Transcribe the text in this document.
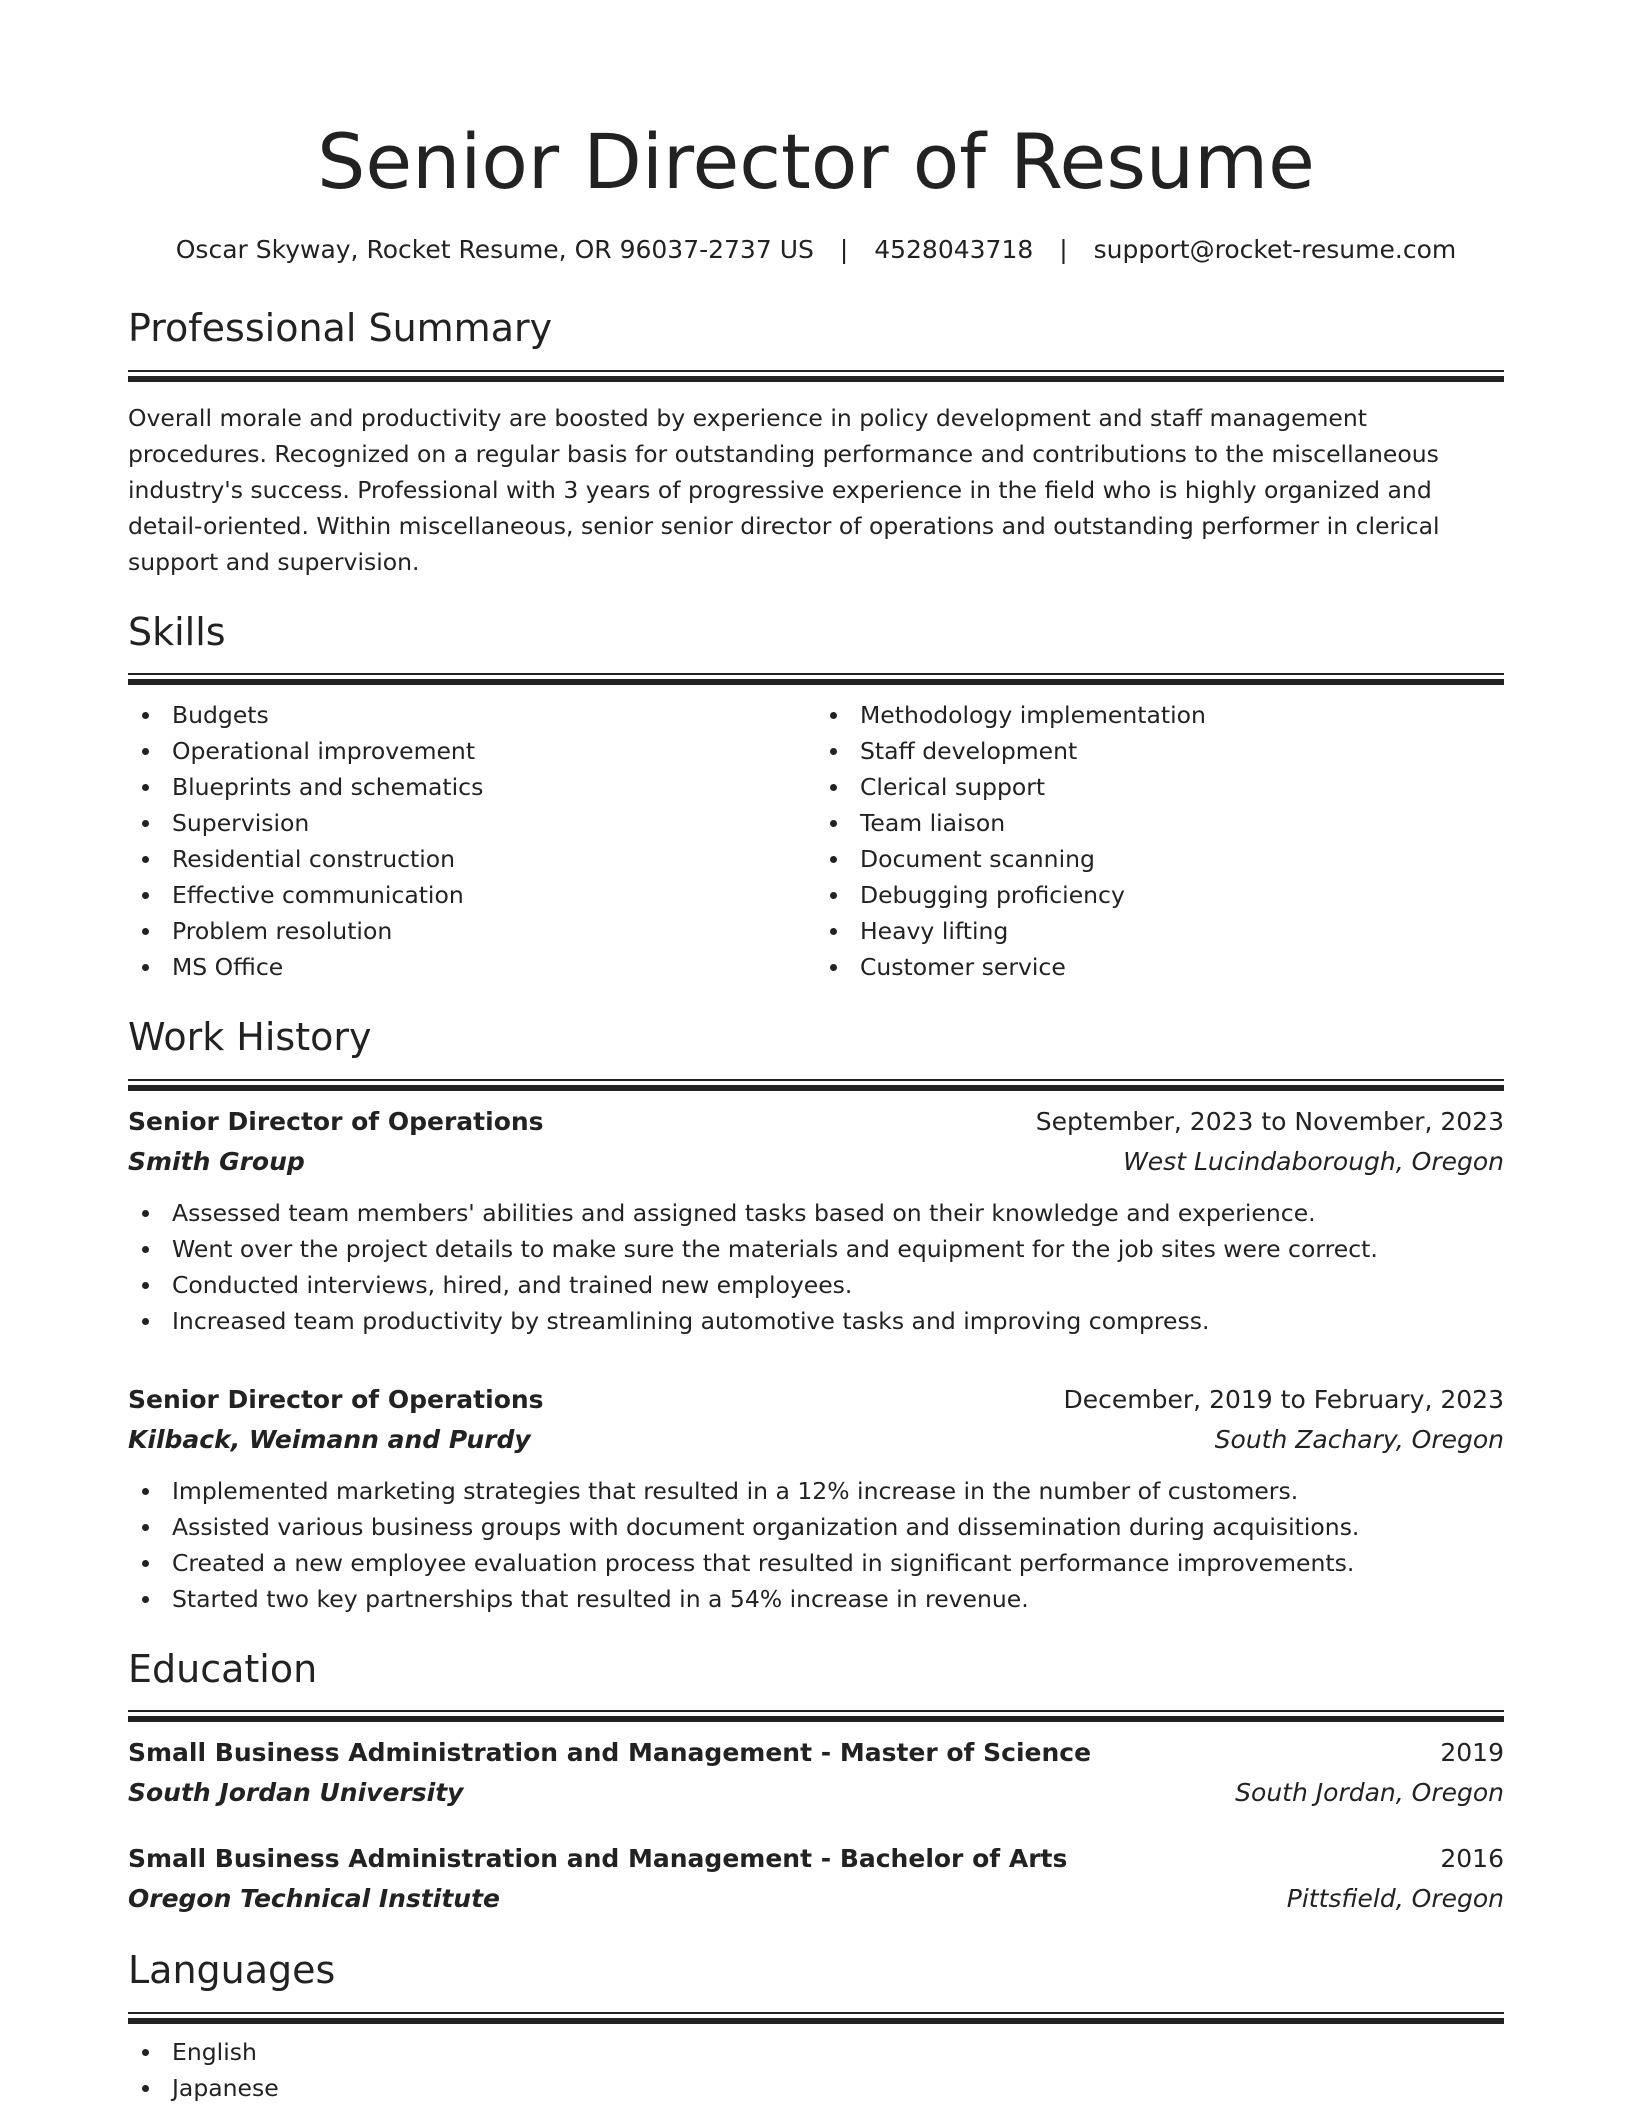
Senior Director of Resume
Oscar Skyway, Rocket Resume, OR 96037-2737 US | 4528043718 | support@rocket-resume.com
Professional Summary
Overall morale and productivity are boosted by experience in policy development and staff management procedures. Recognized on a regular basis for outstanding performance and contributions to the miscellaneous industry's success. Professional with 3 years of progressive experience in the field who is highly organized and detail-oriented. Within miscellaneous, senior senior director of operations and outstanding performer in clerical support and supervision.
Skills
Budgets
Operational improvement
Blueprints and schematics
Supervision
Residential construction
Effective communication
Problem resolution
MS Office
Methodology implementation
Staff development
Clerical support
Team liaison
Document scanning
Debugging proficiency
Heavy lifting
Customer service
Work History
Senior Director of Operations	September, 2023 to November, 2023
Smith Group	West Lucindaborough, Oregon
Assessed team members' abilities and assigned tasks based on their knowledge and experience.
Went over the project details to make sure the materials and equipment for the job sites were correct.
Conducted interviews, hired, and trained new employees.
Increased team productivity by streamlining automotive tasks and improving compress.
Senior Director of Operations	December, 2019 to February, 2023
Kilback, Weimann and Purdy	South Zachary, Oregon
Implemented marketing strategies that resulted in a 12% increase in the number of customers.
Assisted various business groups with document organization and dissemination during acquisitions.
Created a new employee evaluation process that resulted in significant performance improvements.
Started two key partnerships that resulted in a 54% increase in revenue.
Education
Small Business Administration and Management - Master of Science	2019
South Jordan University	South Jordan, Oregon
Small Business Administration and Management - Bachelor of Arts	2016
Oregon Technical Institute	Pittsfield, Oregon
Languages
English
Japanese
